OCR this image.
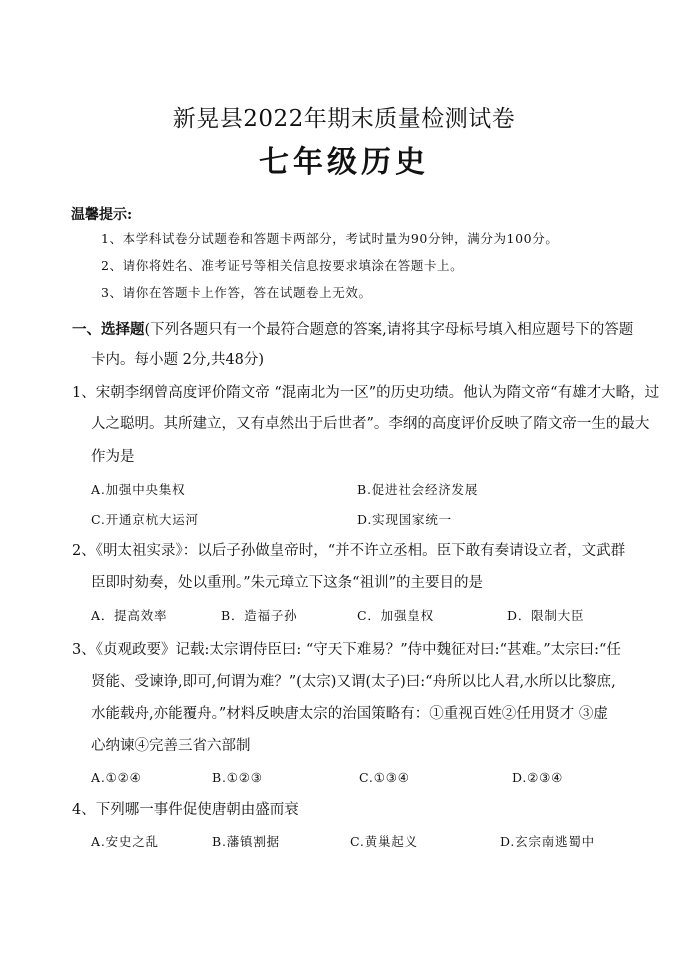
新晃县2022年期末质量检测试卷
七年级历史
温馨提示:
1、本学科试卷分试题卷和答题卡两部分，考试时量为90分钟，满分为100分。
2、请你将姓名、准考证号等相关信息按要求填涂在答题卡上。
3、请你在答题卡上作答，答在试题卷上无效。
一、选择题(下列各题只有一个最符合题意的答案,请将其字母标号填入相应题号下的答题
卡内。每小题 2分,共48分)
1、宋朝李纲曾高度评价隋文帝 “混南北为一区”的历史功绩。他认为隋文帝“有雄才大略，过
人之聪明。其所建立，又有卓然出于后世者”。李纲的高度评价反映了隋文帝一生的最大
作为是
A.加强中央集权	B.促进社会经济发展
C.开通京杭大运河	D.实现国家统一
2、《明太祖实录》：以后子孙做皇帝时，“并不许立丞相。臣下敢有奏请设立者，文武群
臣即时劾奏，处以重刑。”朱元璋立下这条“祖训”的主要目的是
A．提高效率	B．造福子孙	C．加强皇权	D．限制大臣
3、《贞观政要》记载:太宗谓侍臣曰: “守天下难易？”侍中魏征对曰:“甚难。”太宗曰:“任
贤能、受谏诤,即可,何谓为难？”(太宗)又谓(太子)曰:“舟所以比人君,水所以比黎庶,
水能载舟,亦能覆舟。”材料反映唐太宗的治国策略有：①重视百姓②任用贤才 ③虚
心纳谏④完善三省六部制
A.①②④	B.①②③	C.①③④	D.②③④
4、下列哪一事件促使唐朝由盛而衰
A.安史之乱	B.藩镇割据	C.黄巢起义	D.玄宗南逃蜀中
